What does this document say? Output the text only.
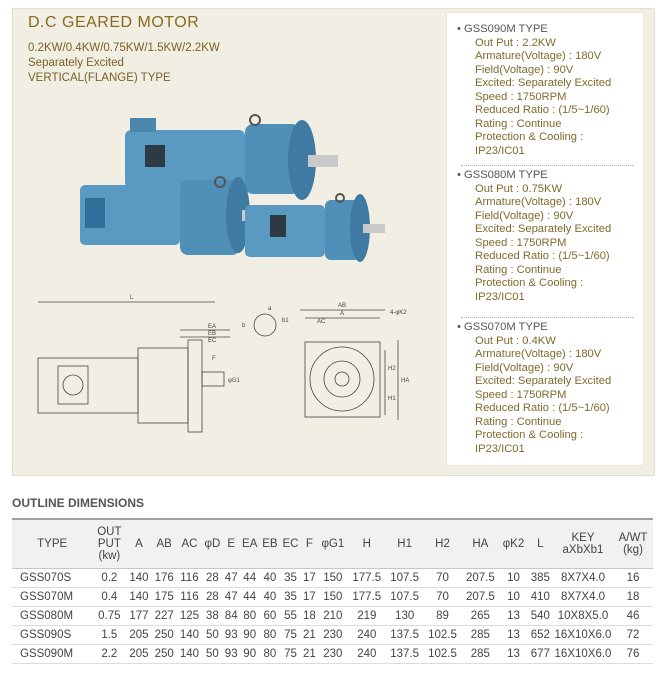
D.C GEARED MOTOR
0.2KW/0.4KW/0.75KW/1.5KW/2.2KW
Separately Excited
VERTICAL(FLANGE) TYPE
L
AB
A
AC
4-φK2
a
b
b1
EA
EB
EC
F
φG1
H1
H2
HA
• GSS090M TYPE
Out Put : 2.2KW
Armature(Voltage) : 180V
Field(Voltage) : 90V
Excited: Separately Excited
Speed : 1750RPM
Reduced Ratio : (1/5~1/60)
Rating : Continue
Protection & Cooling :
IP23/IC01
• GSS080M TYPE
Out Put : 0.75KW
Armature(Voltage) : 180V
Field(Voltage) : 90V
Excited: Separately Excited
Speed : 1750RPM
Reduced Ratio : (1/5~1/60)
Rating : Continue
Protection & Cooling :
IP23/IC01
• GSS070M TYPE
Out Put : 0.4KW
Armature(Voltage) : 180V
Field(Voltage) : 90V
Excited: Separately Excited
Speed : 1750RPM
Reduced Ratio : (1/5~1/60)
Rating : Continue
Protection & Cooling :
IP23/IC01
OUTLINE DIMENSIONS
TYPE	OUT PUT (kw)	A	AB	AC	φD	E	EA	EB	EC	F	φG1	H	H1	H2	HA	φK2	L	KEY aXbXb1	A/WT (kg)
GSS070S	0.2	140	176	116	28	47	44	40	35	17	150	177.5	107.5	70	207.5	10	385	8X7X4.0	16
GSS070M	0.4	140	175	116	28	47	44	40	35	17	150	177.5	107.5	70	207.5	10	410	8X7X4.0	18
GSS080M	0.75	177	227	125	38	84	80	60	55	18	210	219	130	89	265	13	540	10X8X5.0	46
GSS090S	1.5	205	250	140	50	93	90	80	75	21	230	240	137.5	102.5	285	13	652	16X10X6.0	72
GSS090M	2.2	205	250	140	50	93	90	80	75	21	230	240	137.5	102.5	285	13	677	16X10X6.0	76
